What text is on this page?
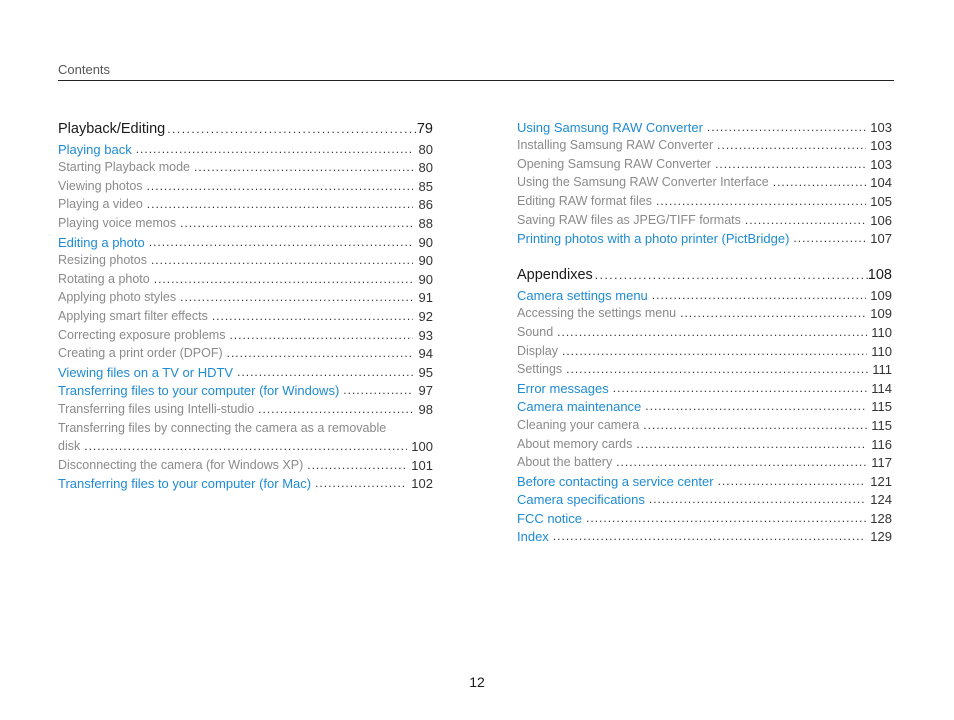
Contents
Playback/Editing .....	79
Playing back .....	80
Starting Playback mode .....	80
Viewing photos .....	85
Playing a video .....	86
Playing voice memos .....	88
Editing a photo .....	90
Resizing photos .....	90
Rotating a photo .....	90
Applying photo styles .....	91
Applying smart filter effects .....	92
Correcting exposure problems .....	93
Creating a print order (DPOF) .....	94
Viewing files on a TV or HDTV .....	95
Transferring files to your computer (for Windows) .....	97
Transferring files using Intelli-studio .....	98
Transferring files by connecting the camera as a removable
disk .....	100
Disconnecting the camera (for Windows XP) .....	101
Transferring files to your computer (for Mac) .....	102
Using Samsung RAW Converter .....	103
Installing Samsung RAW Converter .....	103
Opening Samsung RAW Converter .....	103
Using the Samsung RAW Converter Interface .....	104
Editing RAW format files .....	105
Saving RAW files as JPEG/TIFF formats .....	106
Printing photos with a photo printer (PictBridge) .....	107
Appendixes .....	108
Camera settings menu .....	109
Accessing the settings menu .....	109
Sound .....	110
Display .....	110
Settings .....	111
Error messages .....	114
Camera maintenance .....	115
Cleaning your camera .....	115
About memory cards .....	116
About the battery .....	117
Before contacting a service center .....	121
Camera specifications .....	124
FCC notice .....	128
Index .....	129
12
